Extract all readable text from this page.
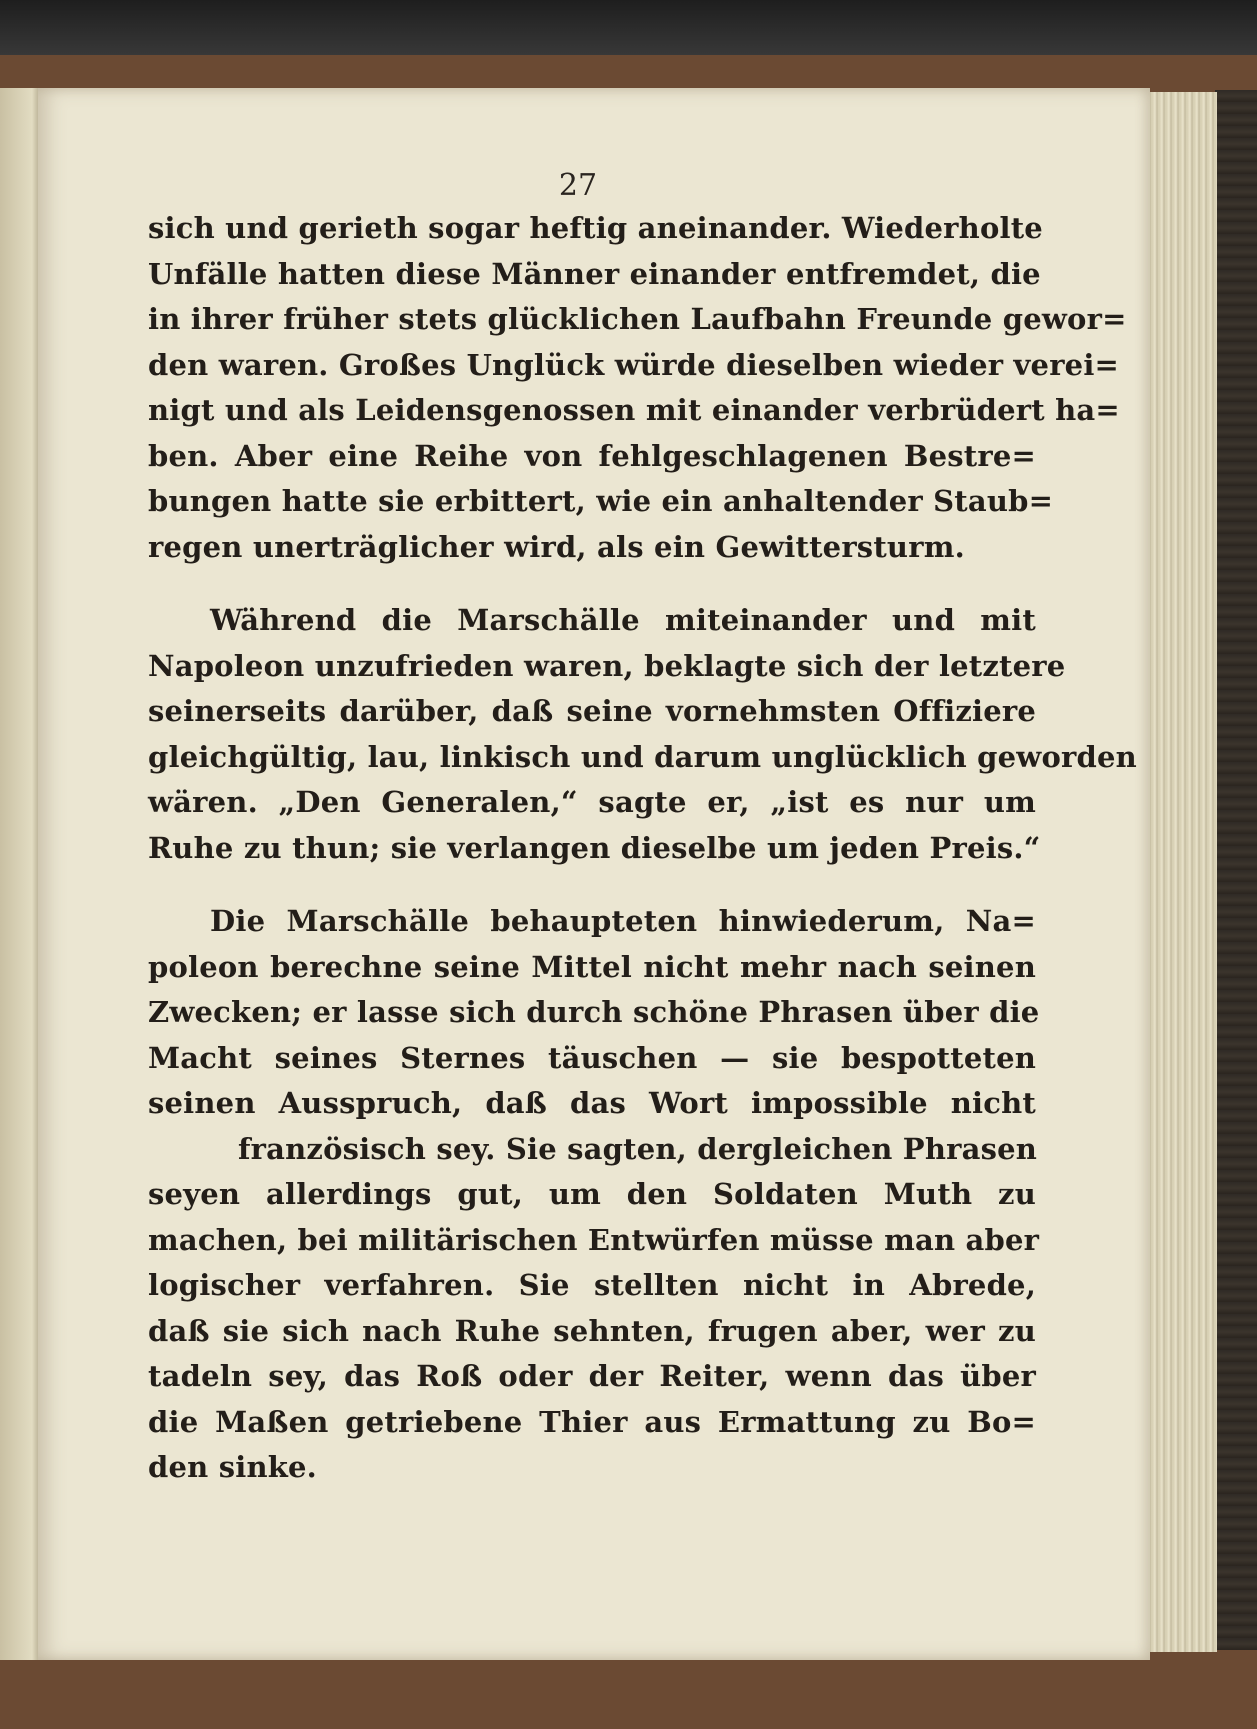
27
sich und gerieth sogar heftig aneinander. Wiederholte
Unfälle hatten diese Männer einander entfremdet, die
in ihrer früher stets glücklichen Laufbahn Freunde gewor=
den waren. Großes Unglück würde dieselben wieder verei=
nigt und als Leidensgenossen mit einander verbrüdert ha=
ben. Aber eine Reihe von fehlgeschlagenen Bestre=
bungen hatte sie erbittert, wie ein anhaltender Staub=
regen unerträglicher wird, als ein Gewittersturm.
Während die Marschälle miteinander und mit
Napoleon unzufrieden waren, beklagte sich der letztere
seinerseits darüber, daß seine vornehmsten Offiziere
gleichgültig, lau, linkisch und darum unglücklich geworden
wären. „Den Generalen,“ sagte er, „ist es nur um
Ruhe zu thun; sie verlangen dieselbe um jeden Preis.“
Die Marschälle behaupteten hinwiederum, Na=
poleon berechne seine Mittel nicht mehr nach seinen
Zwecken; er lasse sich durch schöne Phrasen über die
Macht seines Sternes täuschen — sie bespotteten
seinen Ausspruch, daß das Wort impossible nicht
französisch sey. Sie sagten, dergleichen Phrasen
seyen allerdings gut, um den Soldaten Muth zu
machen, bei militärischen Entwürfen müsse man aber
logischer verfahren. Sie stellten nicht in Abrede,
daß sie sich nach Ruhe sehnten, frugen aber, wer zu
tadeln sey, das Roß oder der Reiter, wenn das über
die Maßen getriebene Thier aus Ermattung zu Bo=
den sinke.
